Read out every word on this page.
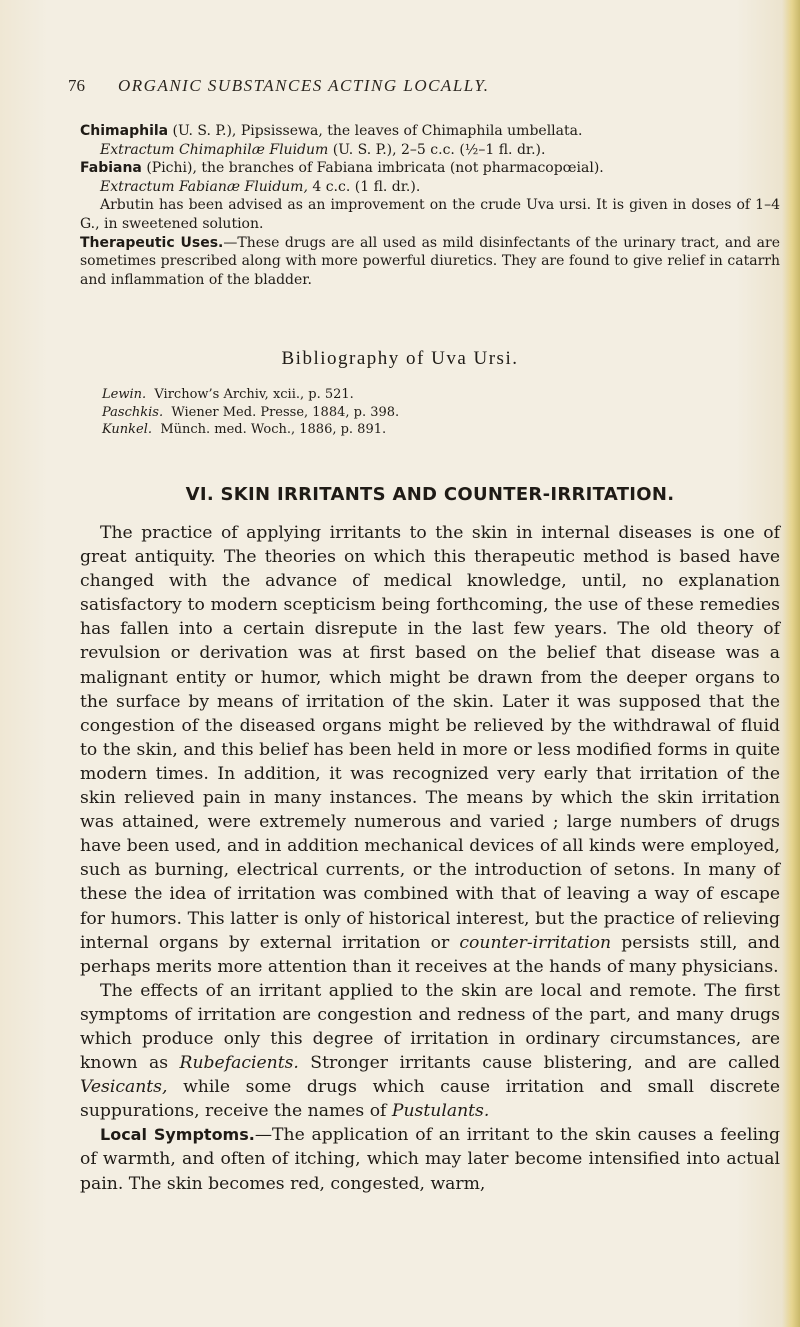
76 ORGANIC SUBSTANCES ACTING LOCALLY.

Chimaphila (U. S. P.), Pipsissewa, the leaves of Chimaphila umbellata.

Extractum Chimaphilæ Fluidum (U. S. P.), 2–5 c.c. (½–1 fl. dr.).

Fabiana (Pichi), the branches of Fabiana imbricata (not pharmacopœial).

Extractum Fabianæ Fluidum, 4 c.c. (1 fl. dr.).

Arbutin has been advised as an improvement on the crude Uva ursi. It is given in doses of 1–4 G., in sweetened solution.

Therapeutic Uses.—These drugs are all used as mild disinfectants of the urinary tract, and are sometimes prescribed along with more powerful diuretics. They are found to give relief in catarrh and inflammation of the bladder.

Bibliography of Uva Ursi.
Lewin. Virchow’s Archiv, xcii., p. 521.
Paschkis. Wiener Med. Presse, 1884, p. 398.
Kunkel. Münch. med. Woch., 1886, p. 891.
VI. SKIN IRRITANTS AND COUNTER-IRRITATION.

The practice of applying irritants to the skin in internal diseases is one of great antiquity. The theories on which this therapeutic method is based have changed with the advance of medical knowledge, until, no explanation satisfactory to modern scepticism being forthcoming, the use of these remedies has fallen into a certain disrepute in the last few years. The old theory of revulsion or derivation was at first based on the belief that disease was a malignant entity or humor, which might be drawn from the deeper organs to the surface by means of irritation of the skin. Later it was supposed that the congestion of the diseased organs might be relieved by the withdrawal of fluid to the skin, and this belief has been held in more or less modified forms in quite modern times. In addition, it was recognized very early that irritation of the skin relieved pain in many instances. The means by which the skin irritation was attained, were extremely numerous and varied ; large numbers of drugs have been used, and in addition mechanical devices of all kinds were employed, such as burning, electrical currents, or the introduction of setons. In many of these the idea of irritation was combined with that of leaving a way of escape for humors. This latter is only of historical interest, but the practice of relieving internal organs by external irritation or counter-irritation persists still, and perhaps merits more attention than it receives at the hands of many physicians.

The effects of an irritant applied to the skin are local and remote. The first symptoms of irritation are congestion and redness of the part, and many drugs which produce only this degree of irritation in ordinary circumstances, are known as Rubefacients. Stronger irritants cause blistering, and are called Vesicants, while some drugs which cause irritation and small discrete suppurations, receive the names of Pustulants.

Local Symptoms.—The application of an irritant to the skin causes a feeling of warmth, and often of itching, which may later become intensified into actual pain. The skin becomes red, congested, warm,
